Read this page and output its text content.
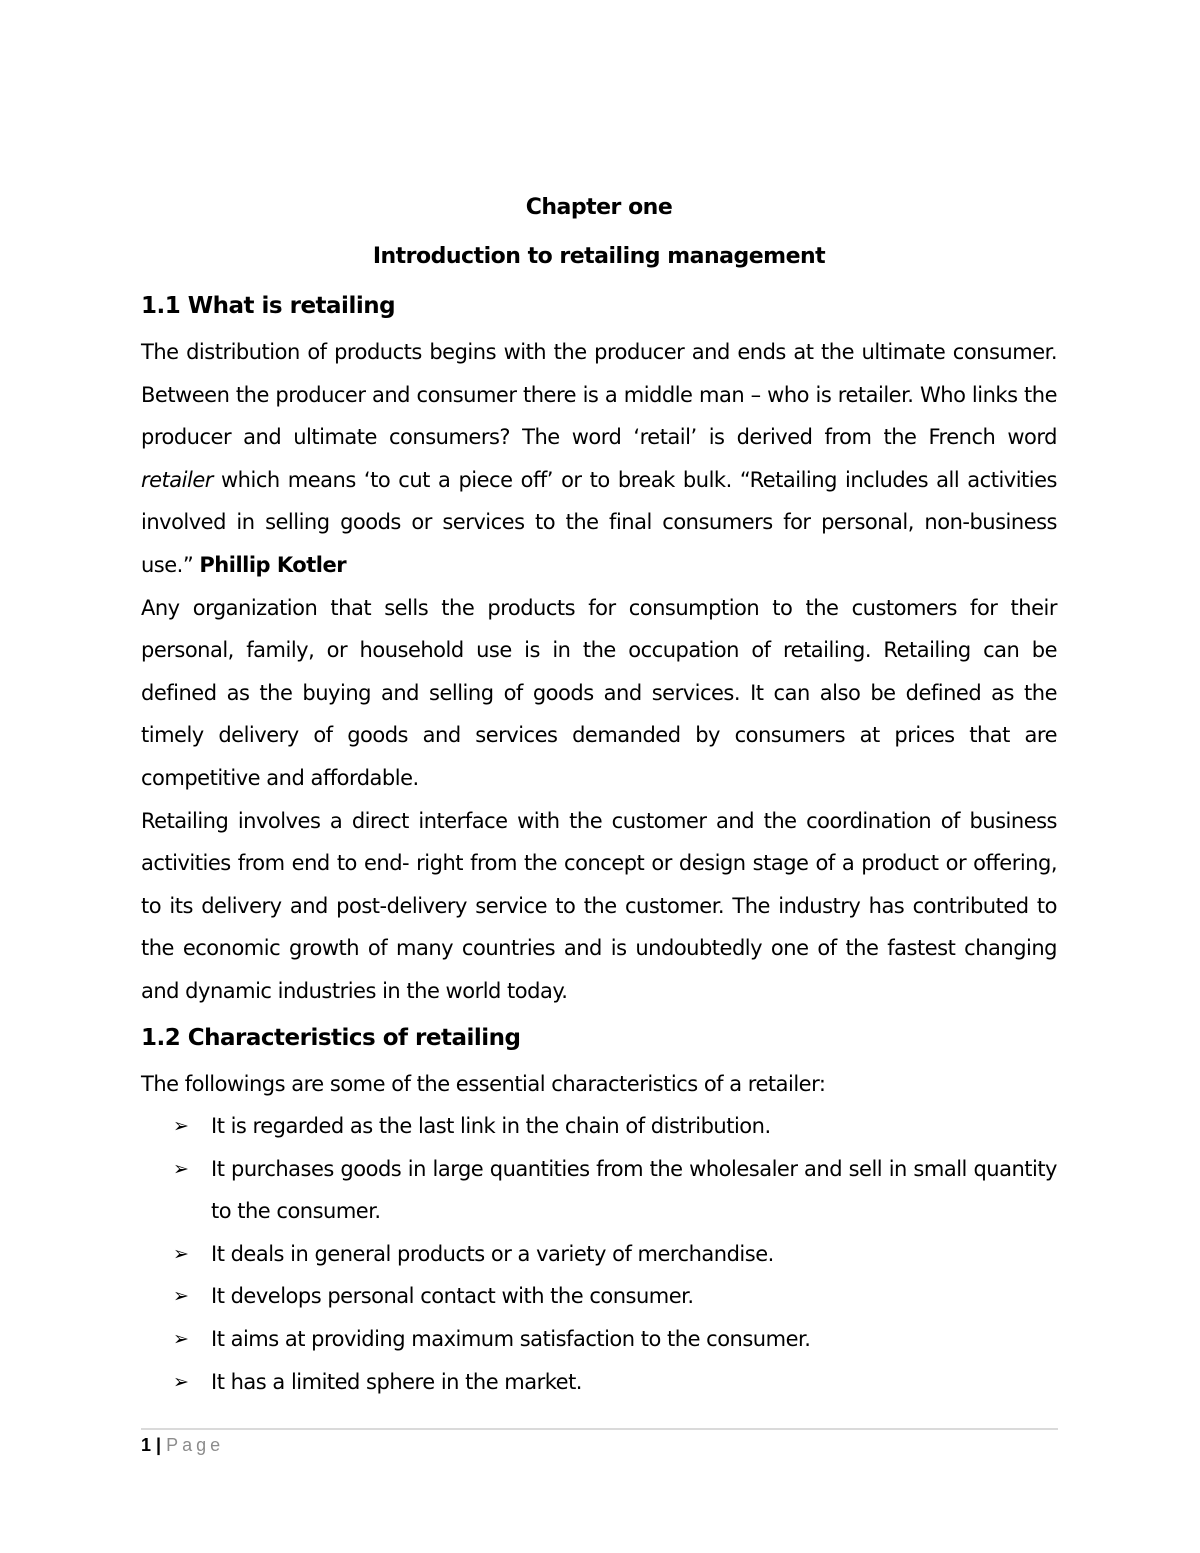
Chapter one

Introduction to retailing management

1.1 What is retailing

The distribution of products begins with the producer and ends at the ultimate consumer. Between the producer and consumer there is a middle man – who is retailer. Who links the producer and ultimate consumers? The word ‘retail’ is derived from the French word retailer which means ‘to cut a piece off’ or to break bulk. “Retailing includes all activities involved in selling goods or services to the final consumers for personal, non-business use.” Phillip Kotler

Any organization that sells the products for consumption to the customers for their personal, family, or household use is in the occupation of retailing. Retailing can be defined as the buying and selling of goods and services. It can also be defined as the timely delivery of goods and services demanded by consumers at prices that are competitive and affordable.

Retailing involves a direct interface with the customer and the coordination of business activities from end to end- right from the concept or design stage of a product or offering, to its delivery and post-delivery service to the customer. The industry has contributed to the economic growth of many countries and is undoubtedly one of the fastest changing and dynamic industries in the world today.

1.2 Characteristics of retailing

The followings are some of the essential characteristics of a retailer:

➢ It is regarded as the last link in the chain of distribution.
➢ It purchases goods in large quantities from the wholesaler and sell in small quantity to the consumer.
➢ It deals in general products or a variety of merchandise.
➢ It develops personal contact with the consumer.
➢ It aims at providing maximum satisfaction to the consumer.
➢ It has a limited sphere in the market.
1 | Page
